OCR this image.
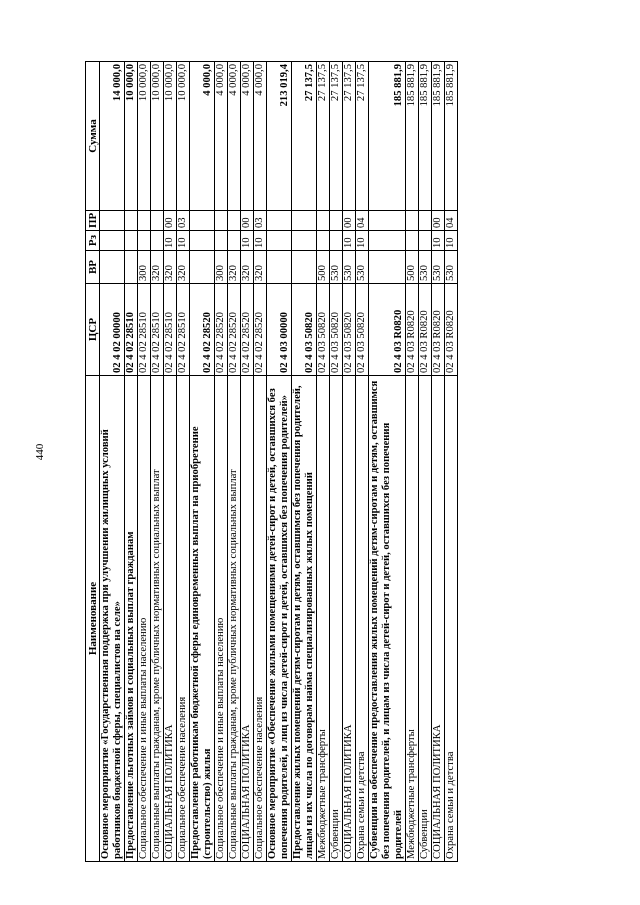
440
Наименование	ЦСР	ВР	Рз	ПР	Сумма
Основное мероприятие «Государственная поддержка при улучшении жилищных условий работников бюджетной сферы, специалистов на селе»	02 4 02 00000				14 000,0
Предоставление льготных займов и социальных выплат гражданам	02 4 02 28510				10 000,0
Социальное обеспечение и иные выплаты населению	02 4 02 28510	300			10 000,0
Социальные выплаты гражданам, кроме публичных нормативных социальных выплат	02 4 02 28510	320			10 000,0
СОЦИАЛЬНАЯ ПОЛИТИКА	02 4 02 28510	320	10	00	10 000,0
Социальное обеспечение населения	02 4 02 28510	320	10	03	10 000,0
Предоставление работникам бюджетной сферы единовременных выплат на приобретение (строительство) жилья	02 4 02 28520				4 000,0
Социальное обеспечение и иные выплаты населению	02 4 02 28520	300			4 000,0
Социальные выплаты гражданам, кроме публичных нормативных социальных выплат	02 4 02 28520	320			4 000,0
СОЦИАЛЬНАЯ ПОЛИТИКА	02 4 02 28520	320	10	00	4 000,0
Социальное обеспечение населения	02 4 02 28520	320	10	03	4 000,0
Основное мероприятие «Обеспечение жилыми помещениями детей-сирот и детей, оставшихся без попечения родителей, и лиц из числа детей-сирот и детей, оставшихся без попечения родителей»	02 4 03 00000				213 019,4
Предоставление жилых помещений детям-сиротам и детям, оставшимся без попечения родителей, лицам из их числа по договорам найма специализированных жилых помещений	02 4 03 50820				27 137,5
Межбюджетные трансферты	02 4 03 50820	500			27 137,5
Субвенции	02 4 03 50820	530			27 137,5
СОЦИАЛЬНАЯ ПОЛИТИКА	02 4 03 50820	530	10	00	27 137,5
Охрана семьи и детства	02 4 03 50820	530	10	04	27 137,5
Субвенции на обеспечение предоставления жилых помещений детям-сиротам и детям, оставшимся без попечения родителей, и лицам из числа детей-сирот и детей, оставшихся без попечения родителей	02 4 03 R0820				185 881,9
Межбюджетные трансферты	02 4 03 R0820	500			185 881,9
Субвенции	02 4 03 R0820	530			185 881,9
СОЦИАЛЬНАЯ ПОЛИТИКА	02 4 03 R0820	530	10	00	185 881,9
Охрана семьи и детства	02 4 03 R0820	530	10	04	185 881,9
